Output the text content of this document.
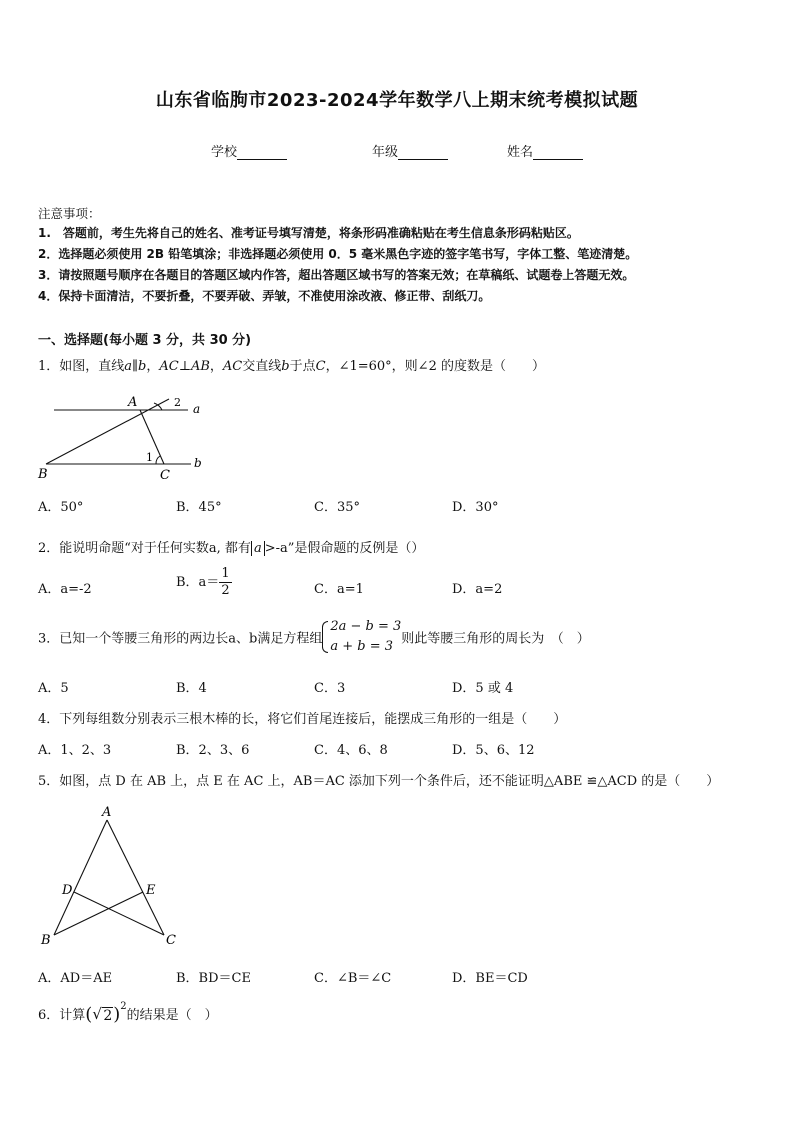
山东省临朐市2023-2024学年数学八上期末统考模拟试题
学校	年级	姓名
注意事项：
1.　答题前，考生先将自己的姓名、准考证号填写清楚，将条形码准确粘贴在考生信息条形码粘贴区。
2．选择题必须使用 2B 铅笔填涂；非选择题必须使用 0．5 毫米黑色字迹的签字笔书写，字体工整、笔迹清楚。
3．请按照题号顺序在各题目的答题区域内作答，超出答题区域书写的答案无效；在草稿纸、试题卷上答题无效。
4．保持卡面清洁，不要折叠，不要弄破、弄皱，不准使用涂改液、修正带、刮纸刀。
一、选择题(每小题 3 分，共 30 分)
1．如图，直线a∥b，AC⊥AB，AC交直线b于点C，∠1=60°，则∠2 的度数是（　　）
A
B	C
a
b
1
2
A．50°	B．45°	C．35°	D．30°
2．能说明命题“对于任何实数a, 都有 a >-a”是假命题的反例是（）
A．a=-2	B．$a= \frac{1}{2}$	C．a=1	D．a=2
3．已知一个等腰三角形的两边长a、b满足方程组
2a − b = 3
a + b = 3 则此等腰三角形的周长为　（　）
A．5	B．4	C．3	D．5 或 4
4．下列每组数分别表示三根木棒的长，将它们首尾连接后，能摆成三角形的一组是（　　）
A．1、2、3	B．2、3、6	C．4、6、8	D．5、6、12
5．如图，点 D 在 AB 上，点 E 在 AC 上，AB＝AC 添加下列一个条件后，还不能证明△ABE ≌△ACD 的是（　　）
A
B	C
D	E
A．AD＝AE	B．BD＝CE	C．∠B＝∠C	D．BE＝CD
6．计算( √ 2)$^2$的结果是（　）
